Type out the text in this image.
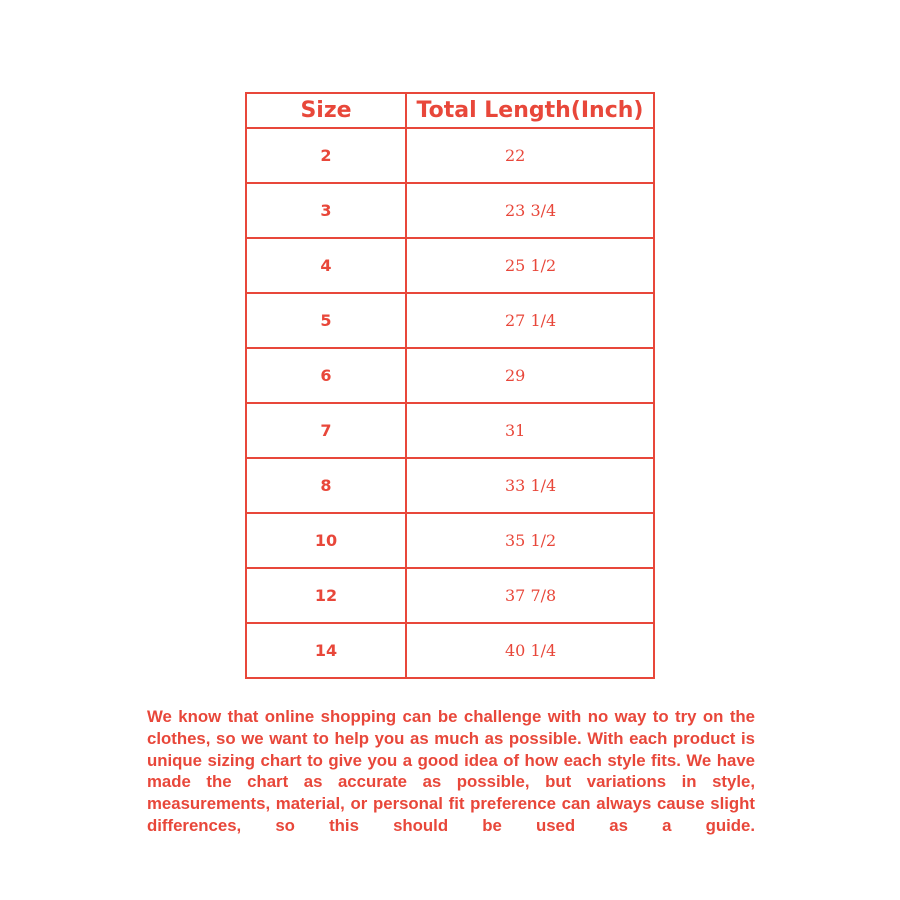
Size	Total Length(Inch)
2	22
3	23 3/4
4	25 1/2
5	27 1/4
6	29
7	31
8	33 1/4
10	35 1/2
12	37 7/8
14	40 1/4

We know that online shopping can be challenge with no way to try on the clothes, so we want to help you as much as possible. With each product is unique sizing chart to give you a good idea of how each style fits. We have made the chart as accurate as possible, but variations in style, measurements, material, or personal fit preference can always cause slight differences, so this should be used as a guide.
